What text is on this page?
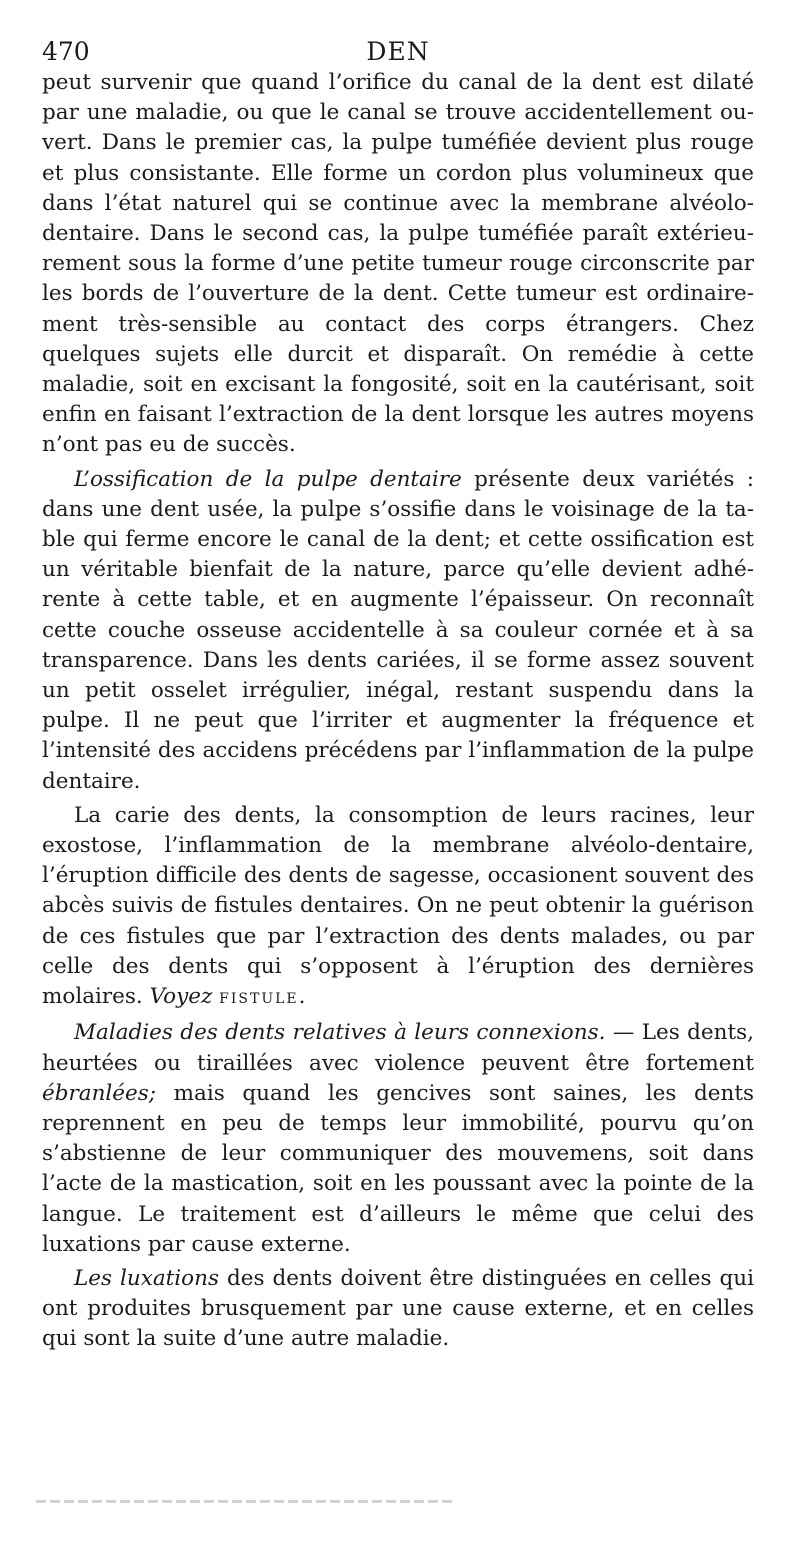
470	DEN

peut survenir que quand l’orifice du canal de la dent est dilaté par une maladie, ou que le canal se trouve accidentellement ouvert. Dans le premier cas, la pulpe tuméfiée devient plus rouge et plus consistante. Elle forme un cordon plus volumineux que dans l’état naturel qui se continue avec la membrane alvéolo-dentaire. Dans le second cas, la pulpe tuméfiée paraît extérieurement sous la forme d’une petite tumeur rouge circonscrite par les bords de l’ouverture de la dent. Cette tumeur est ordinairement très-sensible au contact des corps étrangers. Chez quelques sujets elle durcit et disparaît. On remédie à cette maladie, soit en excisant la fongosité, soit en la cautérisant, soit enfin en faisant l’extraction de la dent lorsque les autres moyens n’ont pas eu de succès.

L’ossification de la pulpe dentaire présente deux variétés : dans une dent usée, la pulpe s’ossifie dans le voisinage de la table qui ferme encore le canal de la dent; et cette ossification est un véritable bienfait de la nature, parce qu’elle devient adhérente à cette table, et en augmente l’épaisseur. On reconnaît cette couche osseuse accidentelle à sa couleur cornée et à sa transparence. Dans les dents cariées, il se forme assez souvent un petit osselet irrégulier, inégal, restant suspendu dans la pulpe. Il ne peut que l’irriter et augmenter la fréquence et l’intensité des accidens précédens par l’inflammation de la pulpe dentaire.

La carie des dents, la consomption de leurs racines, leur exostose, l’inflammation de la membrane alvéolo-dentaire, l’éruption difficile des dents de sagesse, occasionent souvent des abcès suivis de fistules dentaires. On ne peut obtenir la guérison de ces fistules que par l’extraction des dents malades, ou par celle des dents qui s’opposent à l’éruption des dernières molaires. Voyez FISTULE.

Maladies des dents relatives à leurs connexions. — Les dents, heurtées ou tiraillées avec violence peuvent être fortement ébranlées; mais quand les gencives sont saines, les dents reprennent en peu de temps leur immobilité, pourvu qu’on s’abstienne de leur communiquer des mouvemens, soit dans l’acte de la mastication, soit en les poussant avec la pointe de la langue. Le traitement est d’ailleurs le même que celui des luxations par cause externe.

Les luxations des dents doivent être distinguées en celles qui ont produites brusquement par une cause externe, et en celles qui sont la suite d’une autre maladie.
